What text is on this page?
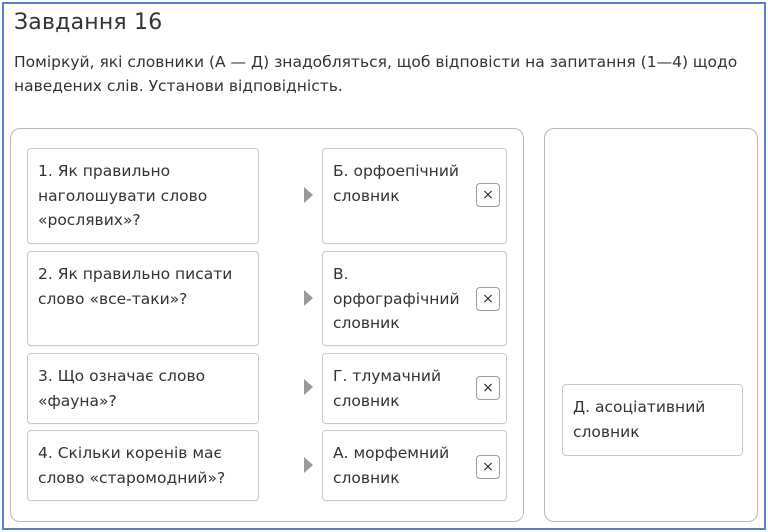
Завдання 16
Поміркуй, які словники (А — Д) знадобляться, щоб відповісти на запитання (1—4) щодо наведених слів. Установи відповідність.
1. Як правильно наголошувати слово «рослявих»?
Б. орфоепічний словник	×
2. Як правильно писати слово «все-таки»?
В. орфографічний словник
×
3. Що означає слово «фауна»?
Г. тлумачний словник
×
4. Скільки коренів має слово «старомодний»?
А. морфемний словник
×
Д. асоціативний словник
